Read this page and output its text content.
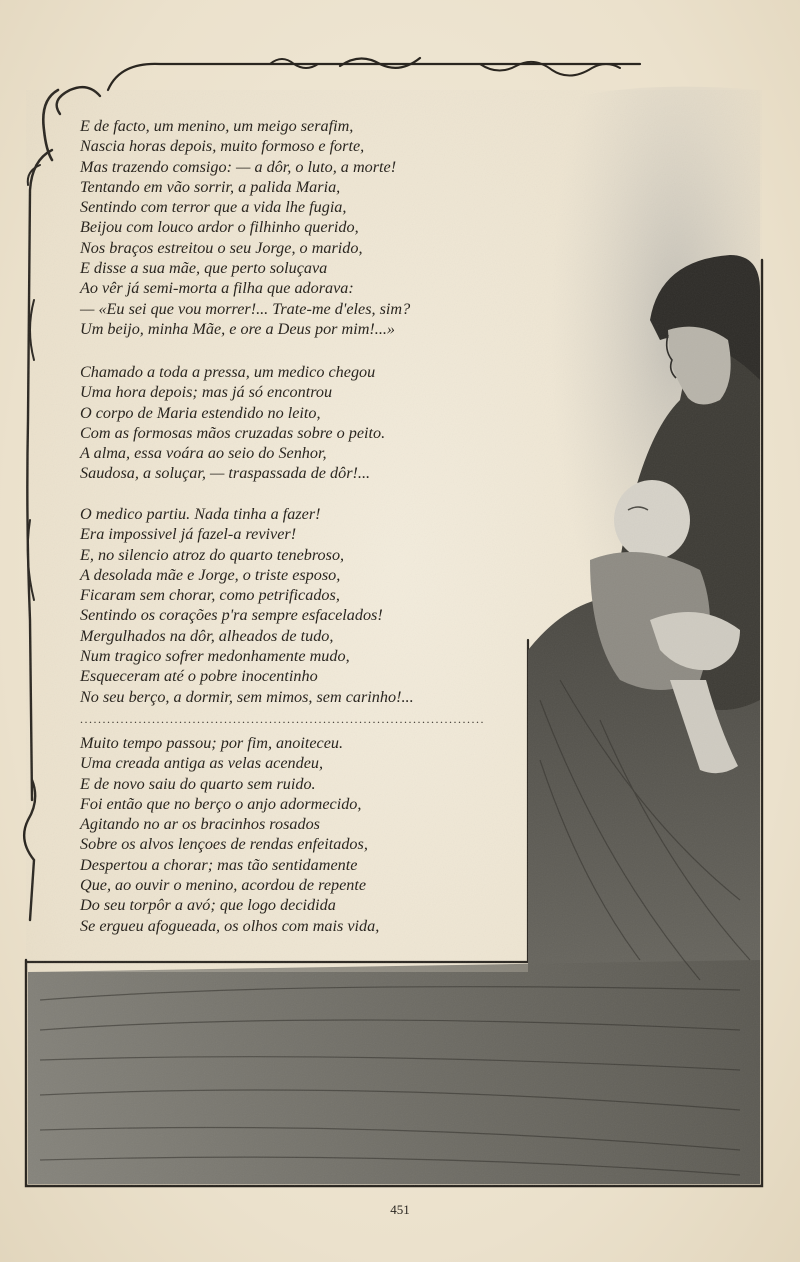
E de facto, um menino, um meigo serafim,
Nascia horas depois, muito formoso e forte,
Mas trazendo comsigo: — a dôr, o luto, a morte!
Tentando em vão sorrir, a palida Maria,
Sentindo com terror que a vida lhe fugia,
Beijou com louco ardor o filhinho querido,
Nos braços estreitou o seu Jorge, o marido,
E disse a sua mãe, que perto soluçava
Ao vêr já semi-morta a filha que adorava:
— «Eu sei que vou morrer!... Trate-me d'eles, sim?
Um beijo, minha Mãe, e ore a Deus por mim!...»
Chamado a toda a pressa, um medico chegou
Uma hora depois; mas já só encontrou
O corpo de Maria estendido no leito,
Com as formosas mãos cruzadas sobre o peito.
A alma, essa voára ao seio do Senhor,
Saudosa, a soluçar, — traspassada de dôr!...
O medico partiu. Nada tinha a fazer!
Era impossivel já fazel-a reviver!
E, no silencio atroz do quarto tenebroso,
A desolada mãe e Jorge, o triste esposo,
Ficaram sem chorar, como petrificados,
Sentindo os corações p'ra sempre esfacelados!
Mergulhados na dôr, alheados de tudo,
Num tragico sofrer medonhamente mudo,
Esqueceram até o pobre inocentinho
No seu berço, a dormir, sem mimos, sem carinho!...
..........................................................................................
Muito tempo passou; por fim, anoiteceu.
Uma creada antiga as velas acendeu,
E de novo saiu do quarto sem ruido.
Foi então que no berço o anjo adormecido,
Agitando no ar os bracinhos rosados
Sobre os alvos lençoes de rendas enfeitados,
Despertou a chorar; mas tão sentidamente
Que, ao ouvir o menino, acordou de repente
Do seu torpôr a avó; que logo decidida
Se ergueu afogueada, os olhos com mais vida,
451
